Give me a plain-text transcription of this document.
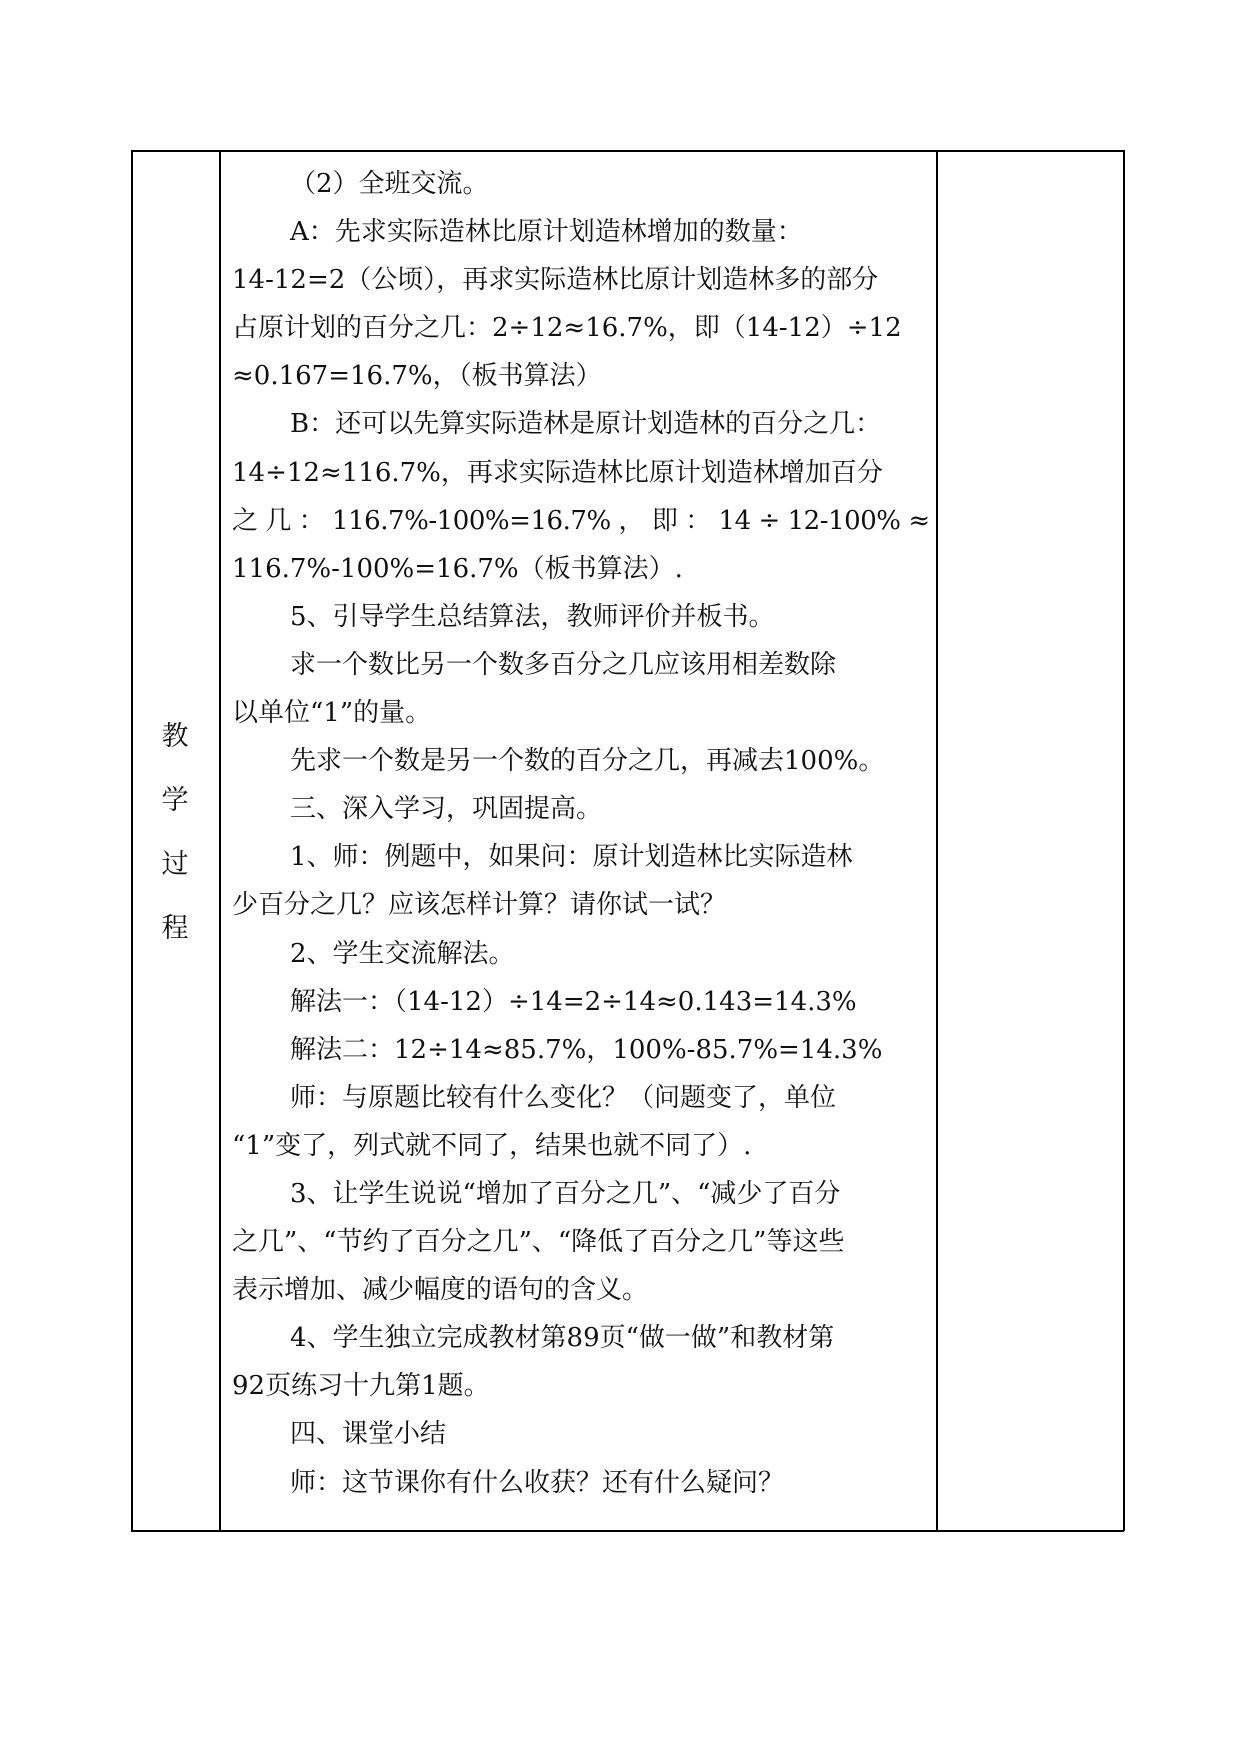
教
学
过
程
（2）全班交流。
A：先求实际造林比原计划造林增加的数量：
14-12=2（公顷），再求实际造林比原计划造林多的部分
占原计划的百分之几：2÷12≈16.7%，即（14-12）÷12
≈0.167=16.7%，（板书算法）
B：还可以先算实际造林是原计划造林的百分之几：
14÷12≈116.7%，再求实际造林比原计划造林增加百分
之 几 ： 116.7%-100%=16.7% ， 即 ： 14 ÷ 12-100% ≈
116.7%-100%=16.7%（板书算法）.
5、引导学生总结算法，教师评价并板书。
求一个数比另一个数多百分之几应该用相差数除
以单位“1”的量。
先求一个数是另一个数的百分之几，再减去100%。
三、深入学习，巩固提高。
1、师：例题中，如果问：原计划造林比实际造林
少百分之几？应该怎样计算？请你试一试？
2、学生交流解法。
解法一：（14-12）÷14=2÷14≈0.143=14.3%
解法二：12÷14≈85.7%，100%-85.7%=14.3%
师：与原题比较有什么变化？（问题变了，单位
“1”变了，列式就不同了，结果也就不同了）.
3、让学生说说“增加了百分之几”、“减少了百分
之几”、“节约了百分之几”、“降低了百分之几”等这些
表示增加、减少幅度的语句的含义。
4、学生独立完成教材第89页“做一做”和教材第
92页练习十九第1题。
四、课堂小结
师：这节课你有什么收获？还有什么疑问？
